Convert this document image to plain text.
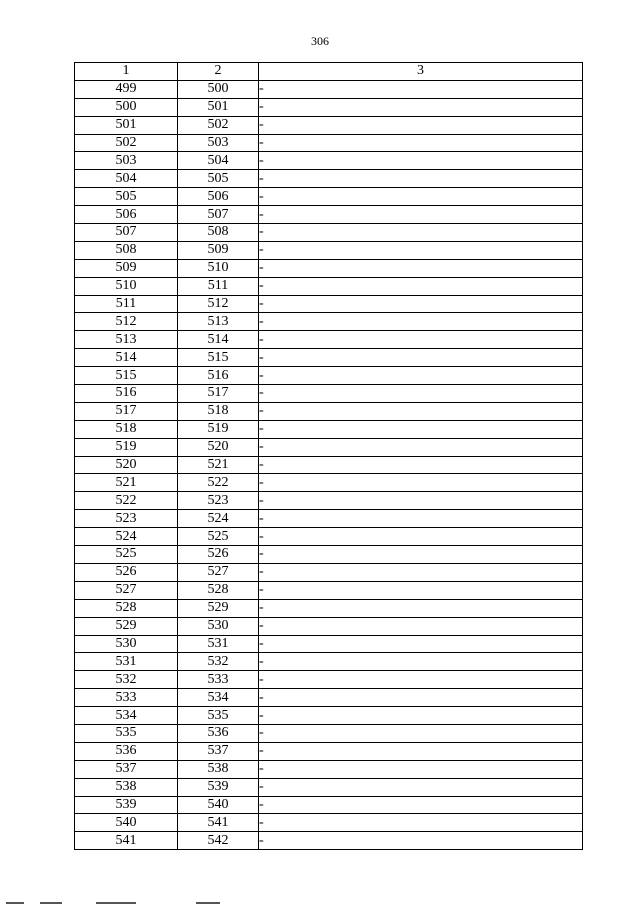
306
1	2	3
499	500	-
500	501	-
501	502	-
502	503	-
503	504	-
504	505	-
505	506	-
506	507	-
507	508	-
508	509	-
509	510	-
510	511	-
511	512	-
512	513	-
513	514	-
514	515	-
515	516	-
516	517	-
517	518	-
518	519	-
519	520	-
520	521	-
521	522	-
522	523	-
523	524	-
524	525	-
525	526	-
526	527	-
527	528	-
528	529	-
529	530	-
530	531	-
531	532	-
532	533	-
533	534	-
534	535	-
535	536	-
536	537	-
537	538	-
538	539	-
539	540	-
540	541	-
541	542	-
